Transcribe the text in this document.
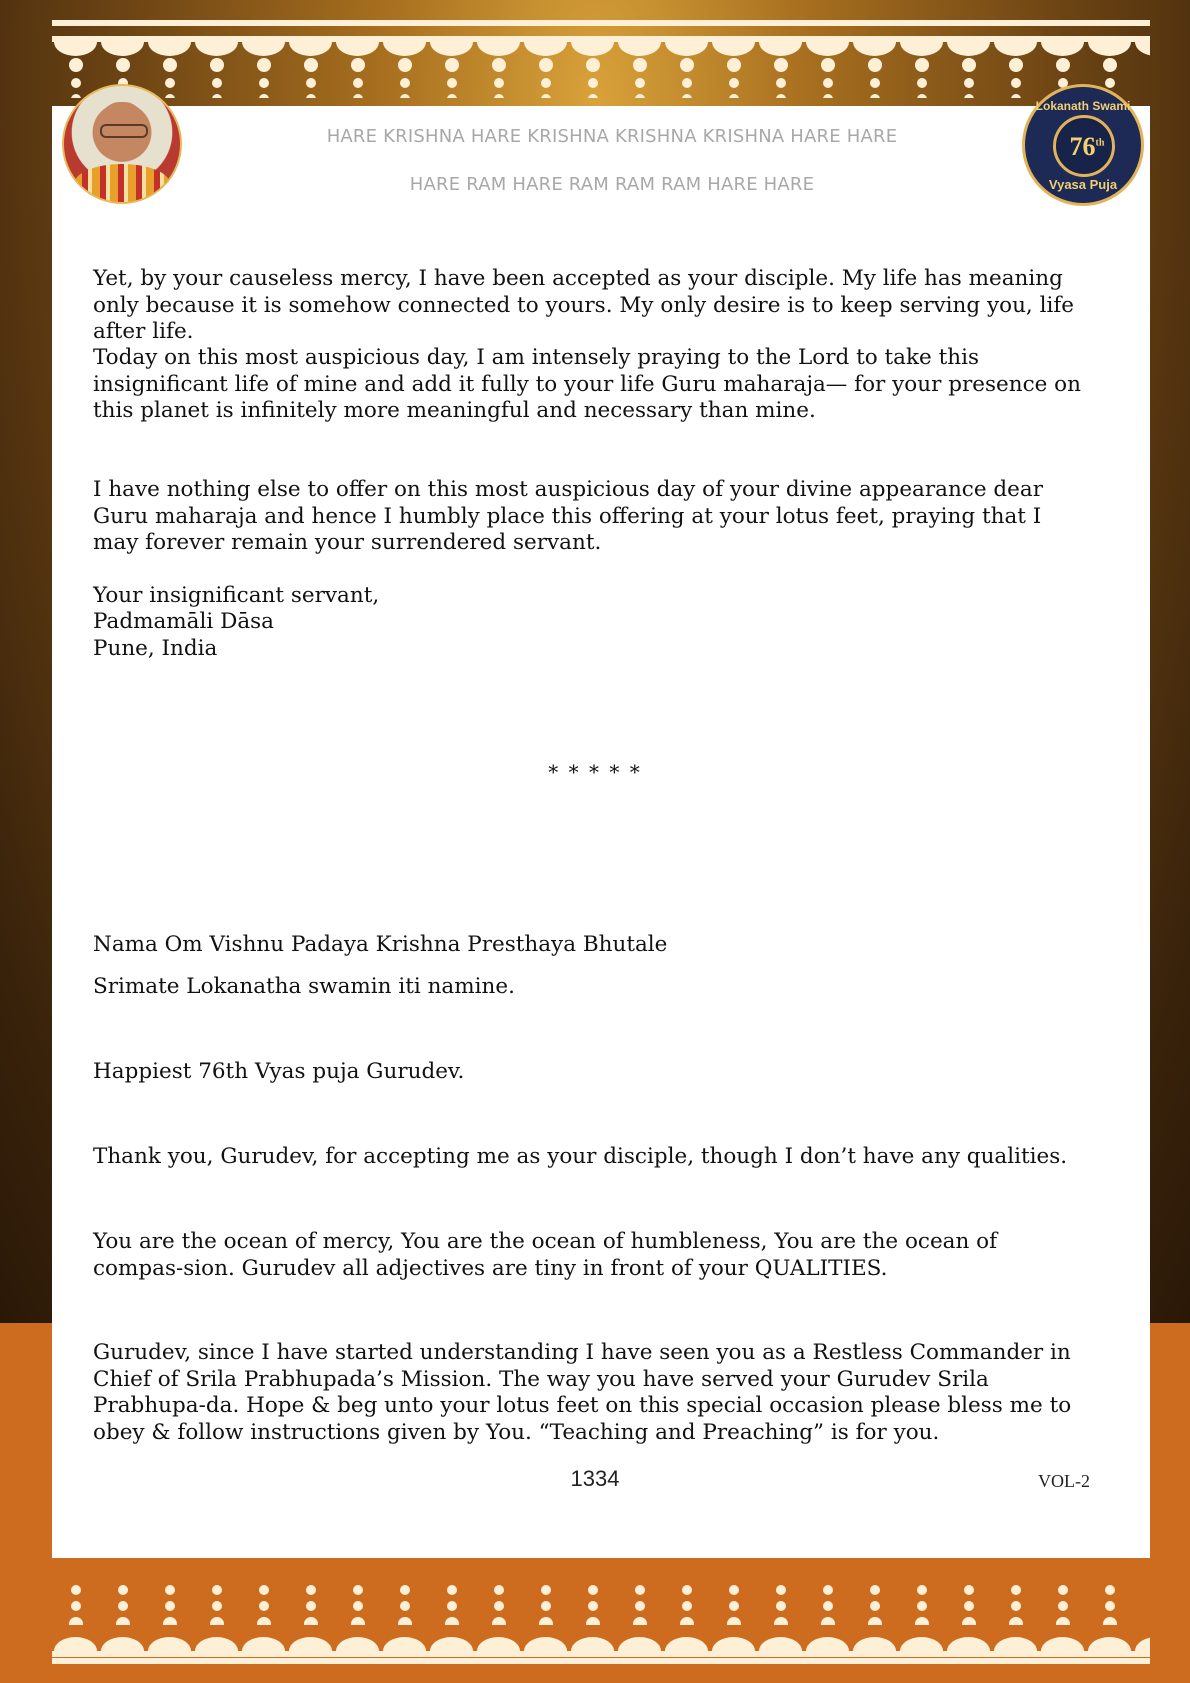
Lokanath Swami
76th
Vyasa Puja
HARE KRISHNA HARE KRISHNA KRISHNA KRISHNA HARE HARE
HARE RAM HARE RAM RAM RAM HARE HARE

Yet, by your causeless mercy, I have been accepted as your disciple. My life has meaning only because it is somehow connected to yours. My only desire is to keep serving you, life after life.

Today on this most auspicious day, I am intensely praying to the Lord to take this insignificant life of mine and add it fully to your life Guru maharaja— for your presence on this planet is infinitely more meaningful and necessary than mine.

I have nothing else to offer on this most auspicious day of your divine appearance dear Guru maharaja and hence I humbly place this offering at your lotus feet, praying that I may forever remain your surrendered servant.

Your insignificant servant,

Padmamāli Dāsa

Pune, India

* * * * *

Nama Om Vishnu Padaya Krishna Presthaya Bhutale

Srimate Lokanatha swamin iti namine.

Happiest 76th Vyas puja Gurudev.

Thank you, Gurudev, for accepting me as your disciple, though I don’t have any qualities.

You are the ocean of mercy, You are the ocean of humbleness, You are the ocean of compas-sion. Gurudev all adjectives are tiny in front of your QUALITIES.

Gurudev, since I have started understanding I have seen you as a Restless Commander in Chief of Srila Prabhupada’s Mission. The way you have served your Gurudev Srila Prabhupa-da. Hope & beg unto your lotus feet on this special occasion please bless me to obey & follow instructions given by You. “Teaching and Preaching” is for you.

1334	VOL-2
